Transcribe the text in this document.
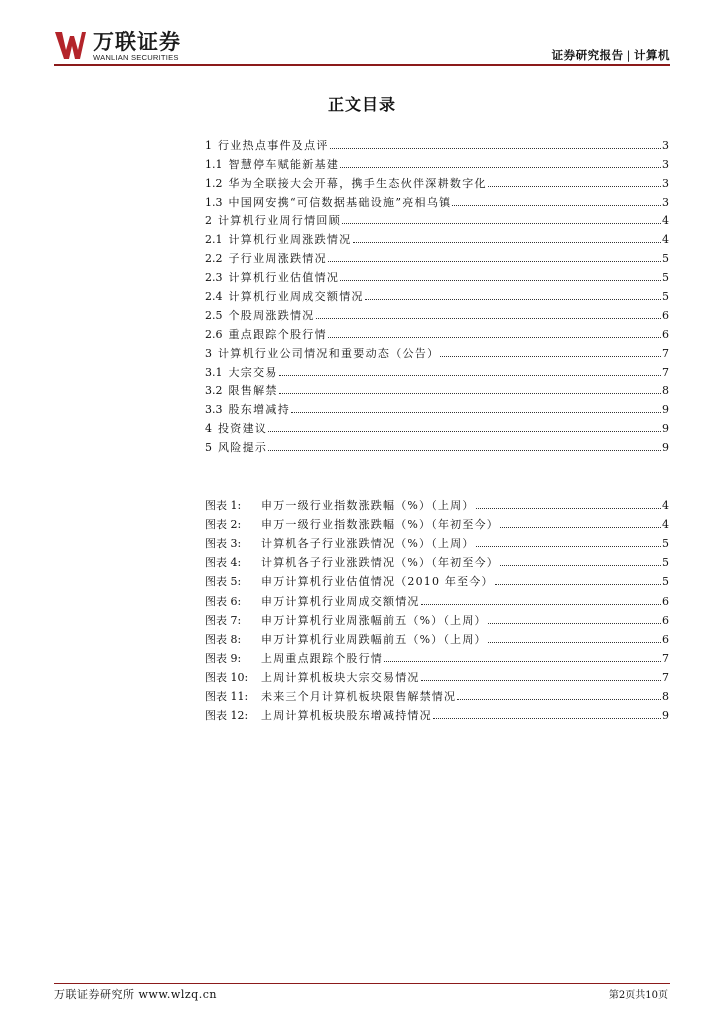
万联证券
WANLIAN SECURITIES	证券研究报告 | 计算机
正文目录
1 行业热点事件及点评	3
1.1 智慧停车赋能新基建	3
1.2 华为全联接大会开幕，携手生态伙伴深耕数字化	3
1.3 中国网安携“可信数据基础设施”亮相乌镇	3
2 计算机行业周行情回顾	4
2.1 计算机行业周涨跌情况	4
2.2 子行业周涨跌情况	5
2.3 计算机行业估值情况	5
2.4 计算机行业周成交额情况	5
2.5 个股周涨跌情况	6
2.6 重点跟踪个股行情	6
3 计算机行业公司情况和重要动态（公告）	7
3.1 大宗交易	7
3.2 限售解禁	8
3.3 股东增减持	9
4 投资建议	9
5 风险提示	9
图表 1:	申万一级行业指数涨跌幅（%）（上周）	4
图表 2:	申万一级行业指数涨跌幅（%）（年初至今）	4
图表 3:	计算机各子行业涨跌情况（%）（上周）	5
图表 4:	计算机各子行业涨跌情况（%）（年初至今）	5
图表 5:	申万计算机行业估值情况（2010 年至今）	5
图表 6:	申万计算机行业周成交额情况	6
图表 7:	申万计算机行业周涨幅前五（%）（上周）	6
图表 8:	申万计算机行业周跌幅前五（%）（上周）	6
图表 9:	上周重点跟踪个股行情	7
图表 10:	上周计算机板块大宗交易情况	7
图表 11:	未来三个月计算机板块限售解禁情况	8
图表 12:	上周计算机板块股东增减持情况	9
万联证券研究所 www.wlzq.cn	第2页共10页
